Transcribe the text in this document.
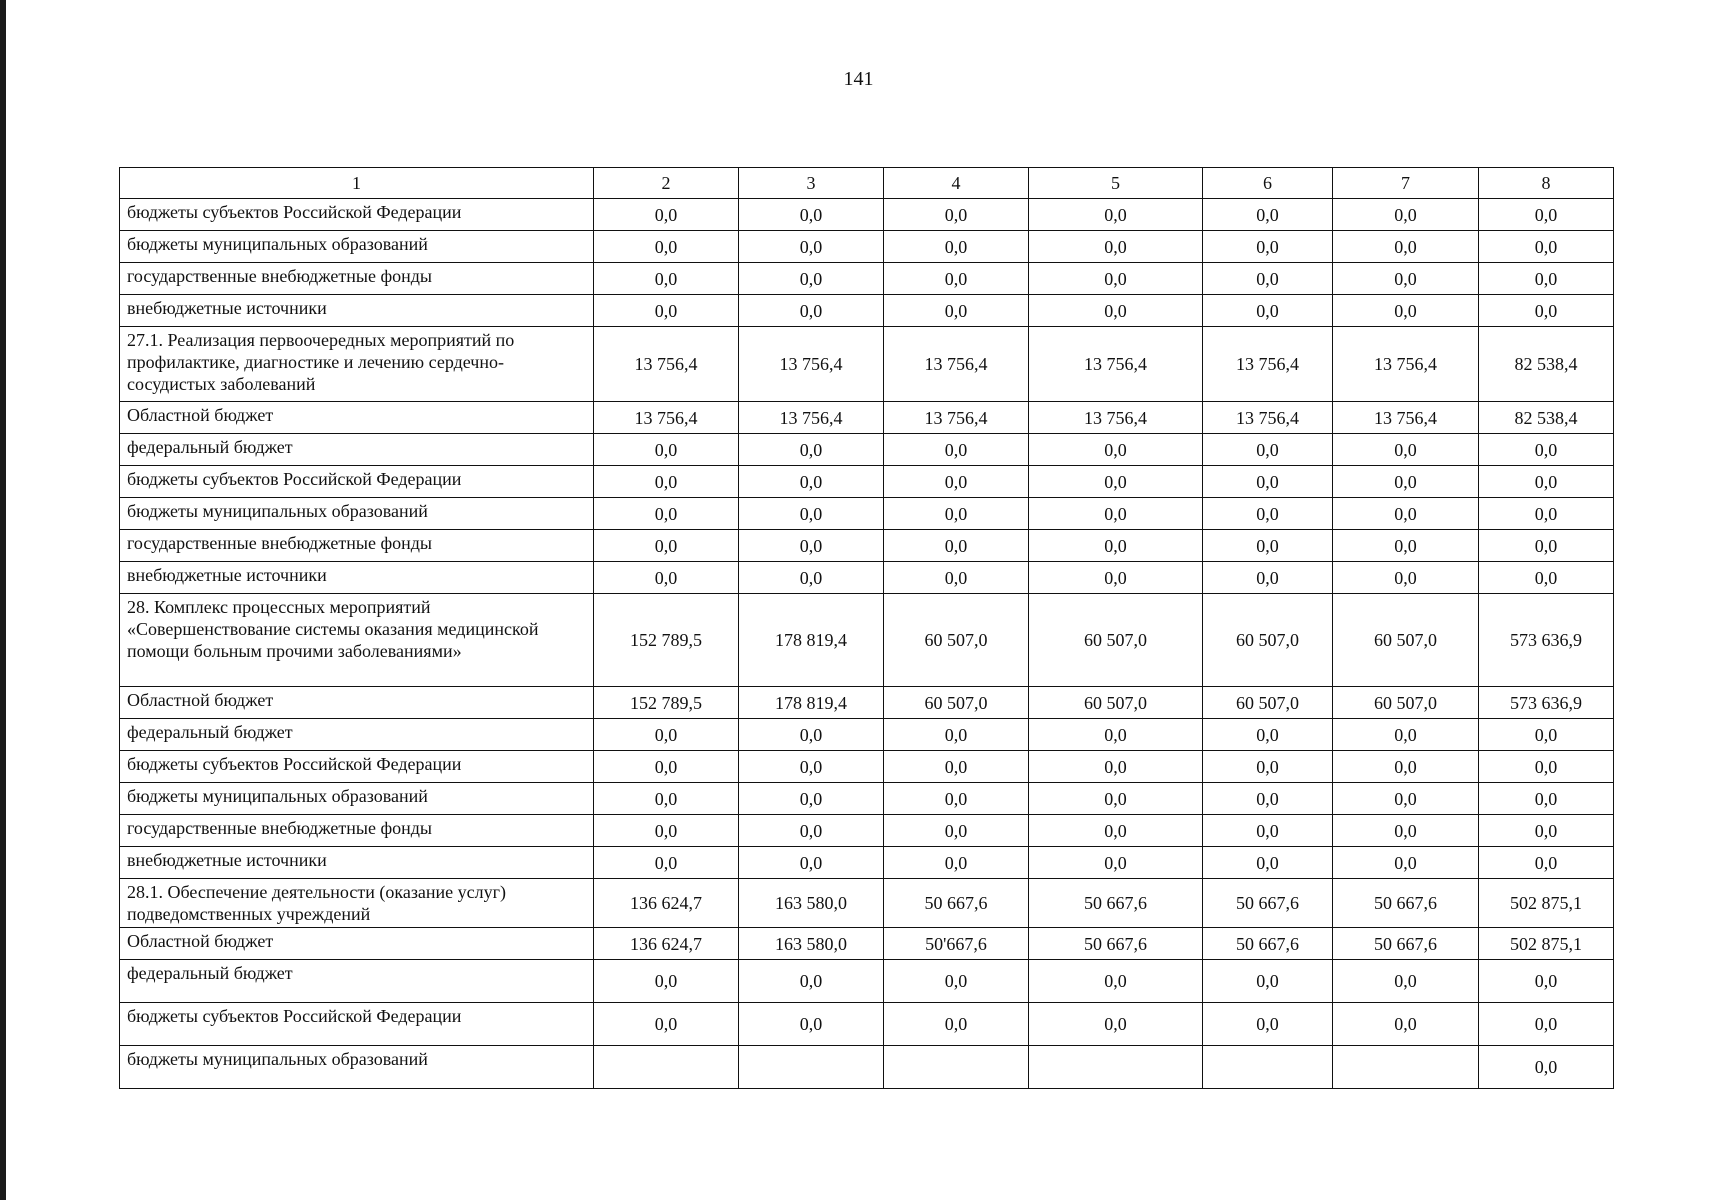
141
1	2	3	4	5	6	7	8
бюджеты субъектов Российской Федерации	0,0	0,0	0,0	0,0	0,0	0,0	0,0
бюджеты муниципальных образований	0,0	0,0	0,0	0,0	0,0	0,0	0,0
государственные внебюджетные фонды	0,0	0,0	0,0	0,0	0,0	0,0	0,0
внебюджетные источники	0,0	0,0	0,0	0,0	0,0	0,0	0,0
27.1. Реализация первоочередных мероприятий по профилактике, диагностике и лечению сердечно-сосудистых заболеваний	13 756,4	13 756,4	13 756,4	13 756,4	13 756,4	13 756,4	82 538,4
Областной бюджет	13 756,4	13 756,4	13 756,4	13 756,4	13 756,4	13 756,4	82 538,4
федеральный бюджет	0,0	0,0	0,0	0,0	0,0	0,0	0,0
бюджеты субъектов Российской Федерации	0,0	0,0	0,0	0,0	0,0	0,0	0,0
бюджеты муниципальных образований	0,0	0,0	0,0	0,0	0,0	0,0	0,0
государственные внебюджетные фонды	0,0	0,0	0,0	0,0	0,0	0,0	0,0
внебюджетные источники	0,0	0,0	0,0	0,0	0,0	0,0	0,0
28. Комплекс процессных мероприятий «Совершенствование системы оказания медицинской помощи больным прочими заболеваниями»	152 789,5	178 819,4	60 507,0	60 507,0	60 507,0	60 507,0	573 636,9
Областной бюджет	152 789,5	178 819,4	60 507,0	60 507,0	60 507,0	60 507,0	573 636,9
федеральный бюджет	0,0	0,0	0,0	0,0	0,0	0,0	0,0
бюджеты субъектов Российской Федерации	0,0	0,0	0,0	0,0	0,0	0,0	0,0
бюджеты муниципальных образований	0,0	0,0	0,0	0,0	0,0	0,0	0,0
государственные внебюджетные фонды	0,0	0,0	0,0	0,0	0,0	0,0	0,0
внебюджетные источники	0,0	0,0	0,0	0,0	0,0	0,0	0,0
28.1. Обеспечение деятельности (оказание услуг) подведомственных учреждений	136 624,7	163 580,0	50 667,6	50 667,6	50 667,6	50 667,6	502 875,1
Областной бюджет	136 624,7	163 580,0	50'667,6	50 667,6	50 667,6	50 667,6	502 875,1
федеральный бюджет	0,0	0,0	0,0	0,0	0,0	0,0	0,0
бюджеты субъектов Российской Федерации	0,0	0,0	0,0	0,0	0,0	0,0	0,0
бюджеты муниципальных образований							0,0
